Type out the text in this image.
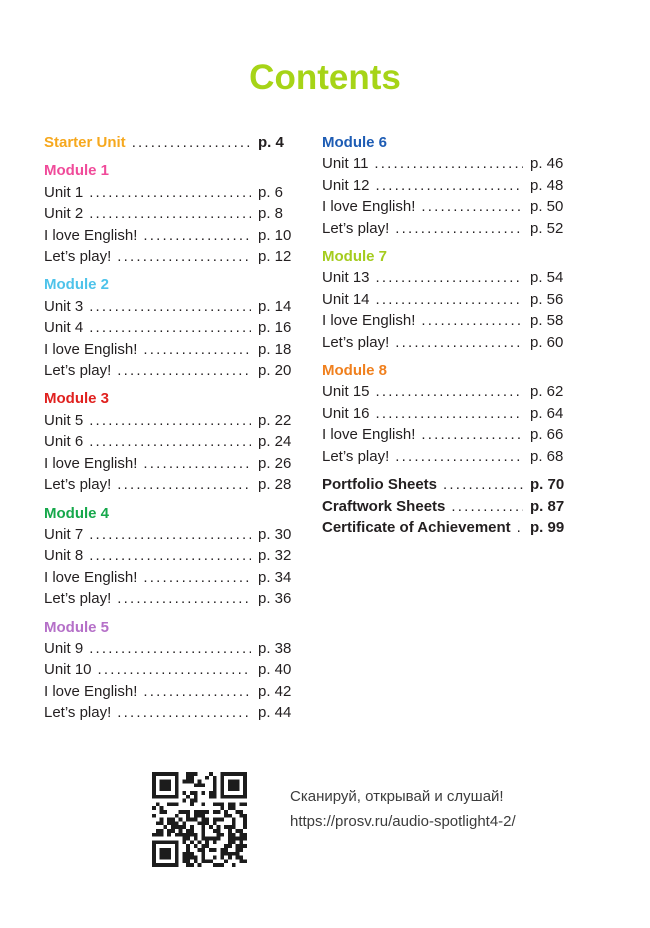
Contents
Starter Unit .....	p. 4
Module 1
Unit 1 .....	p. 6
Unit 2 .....	p. 8
I love English! .....	p. 10
Let’s play! .....	p. 12
Module 2
Unit 3 .....	p. 14
Unit 4 .....	p. 16
I love English! .....	p. 18
Let’s play! .....	p. 20
Module 3
Unit 5 .....	p. 22
Unit 6 .....	p. 24
I love English! .....	p. 26
Let’s play! .....	p. 28
Module 4
Unit 7 .....	p. 30
Unit 8 .....	p. 32
I love English! .....	p. 34
Let’s play! .....	p. 36
Module 5
Unit 9 .....	p. 38
Unit 10 .....	p. 40
I love English! .....	p. 42
Let’s play! .....	p. 44
Module 6
Unit 11 .....	p. 46
Unit 12 .....	p. 48
I love English! .....	p. 50
Let’s play! .....	p. 52
Module 7
Unit 13 .....	p. 54
Unit 14 .....	p. 56
I love English! .....	p. 58
Let’s play! .....	p. 60
Module 8
Unit 15 .....	p. 62
Unit 16 .....	p. 64
I love English! .....	p. 66
Let’s play! .....	p. 68
Portfolio Sheets .....	p. 70
Craftwork Sheets .....	p. 87
Certificate of Achievement ..... p. 99
Сканируй, открывай и слушай!
https://prosv.ru/audio-spotlight4-2/
